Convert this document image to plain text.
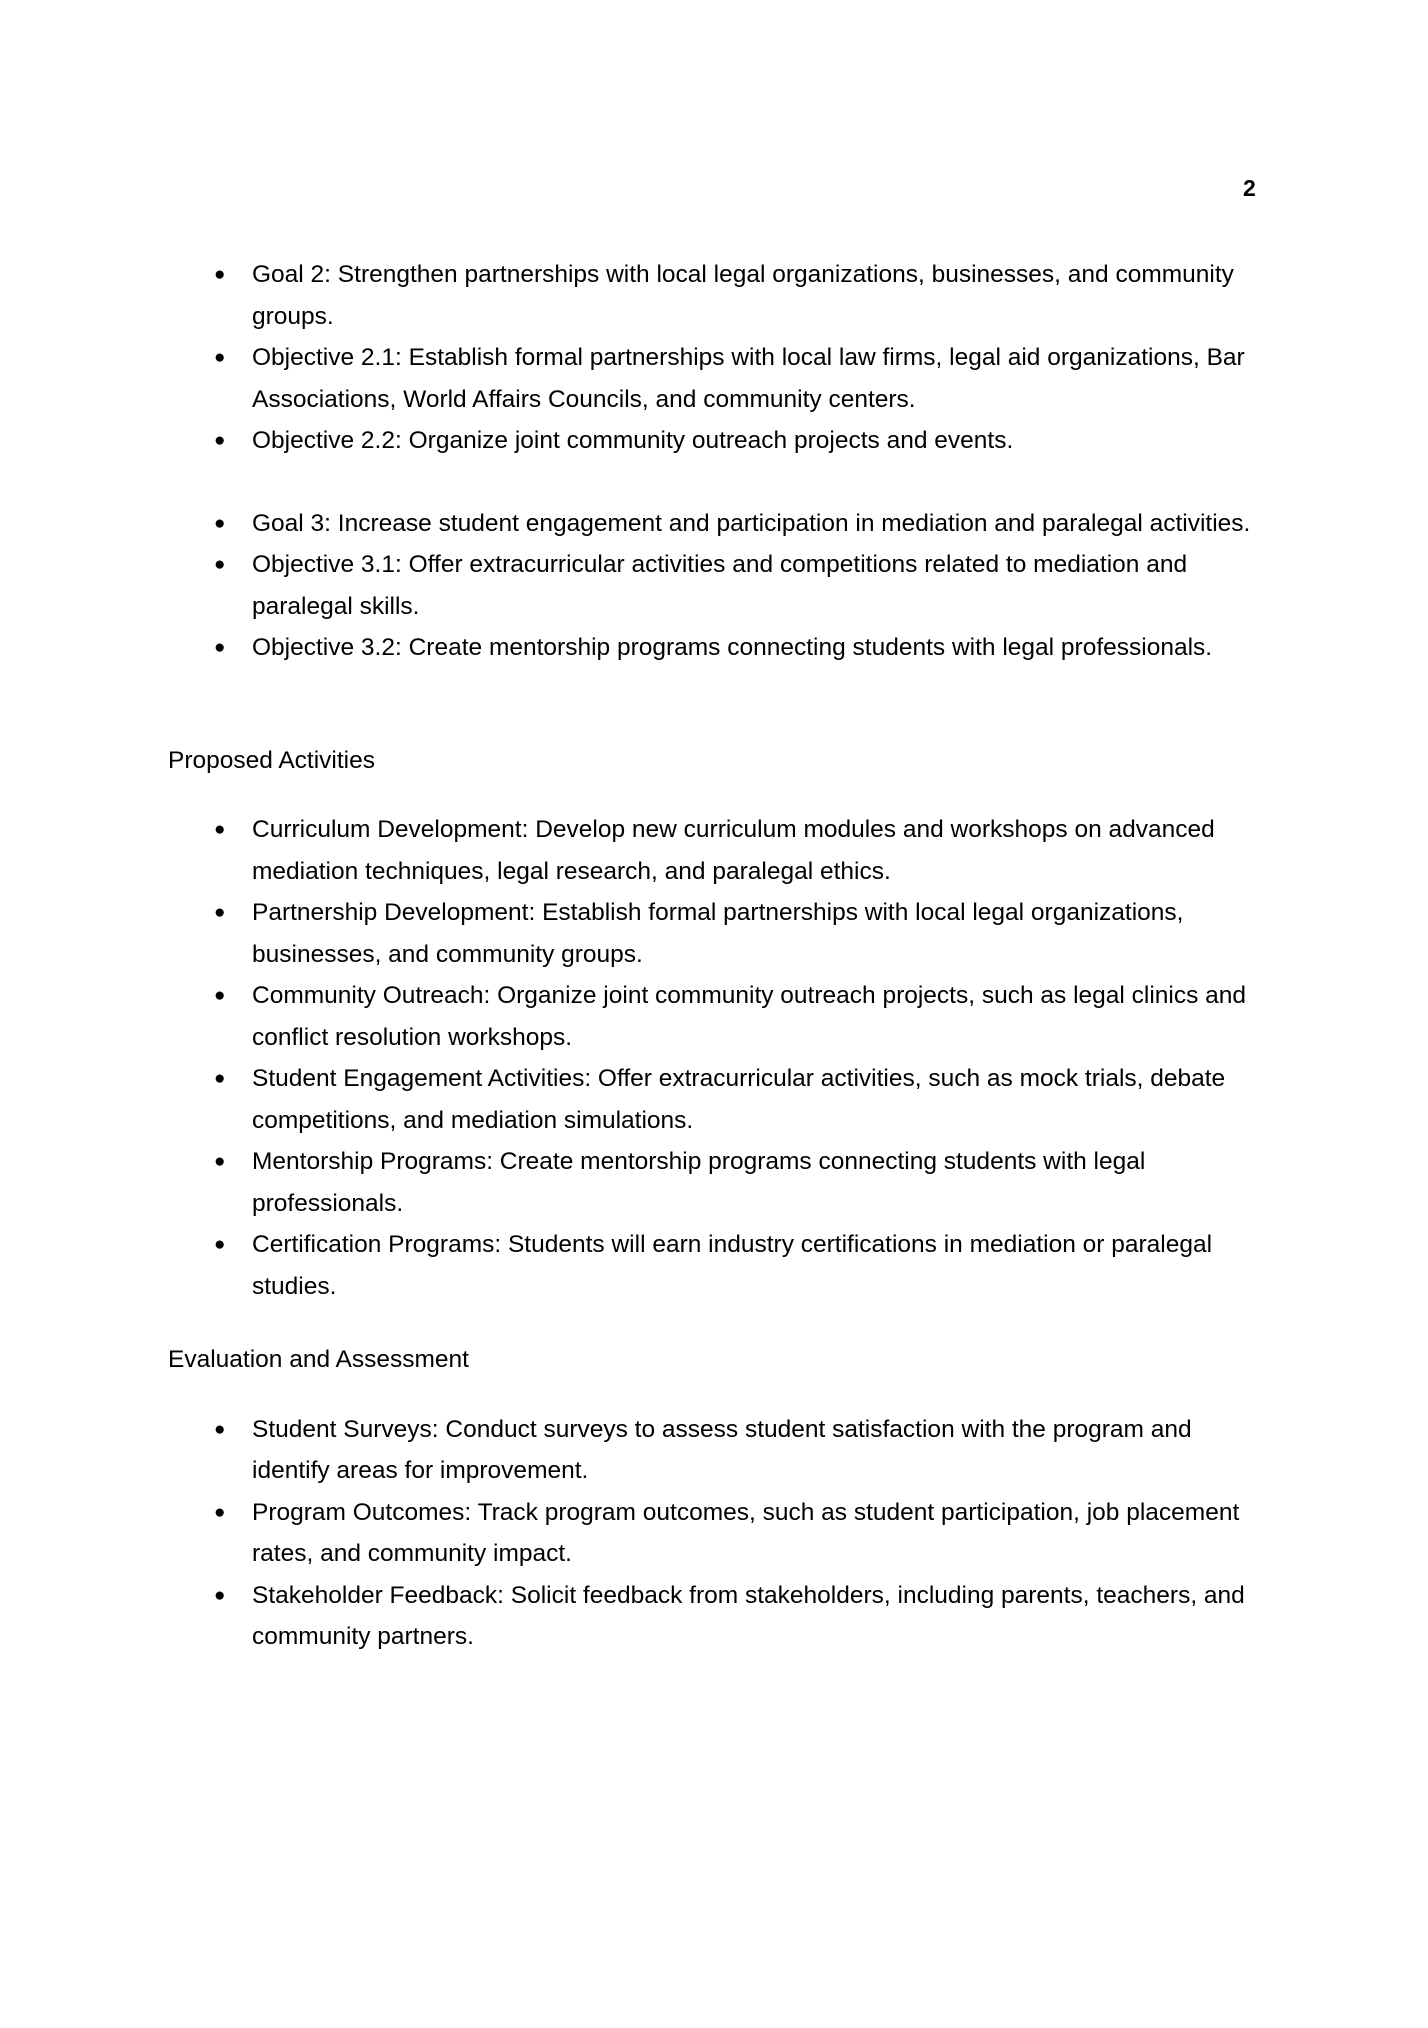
2
● Goal 2: Strengthen partnerships with local legal organizations, businesses, and community groups.
● Objective 2.1: Establish formal partnerships with local law firms, legal aid organizations, Bar Associations, World Affairs Councils, and community centers.
● Objective 2.2: Organize joint community outreach projects and events.
● Goal 3: Increase student engagement and participation in mediation and paralegal activities.
● Objective 3.1: Offer extracurricular activities and competitions related to mediation and paralegal skills.
● Objective 3.2: Create mentorship programs connecting students with legal professionals.
Proposed Activities
● Curriculum Development: Develop new curriculum modules and workshops on advanced mediation techniques, legal research, and paralegal ethics.
● Partnership Development: Establish formal partnerships with local legal organizations, businesses, and community groups.
● Community Outreach: Organize joint community outreach projects, such as legal clinics and conflict resolution workshops.
● Student Engagement Activities: Offer extracurricular activities, such as mock trials, debate competitions, and mediation simulations.
● Mentorship Programs: Create mentorship programs connecting students with legal professionals.
● Certification Programs: Students will earn industry certifications in mediation or paralegal studies.
Evaluation and Assessment
● Student Surveys: Conduct surveys to assess student satisfaction with the program and identify areas for improvement.
● Program Outcomes: Track program outcomes, such as student participation, job placement rates, and community impact.
● Stakeholder Feedback: Solicit feedback from stakeholders, including parents, teachers, and community partners.
